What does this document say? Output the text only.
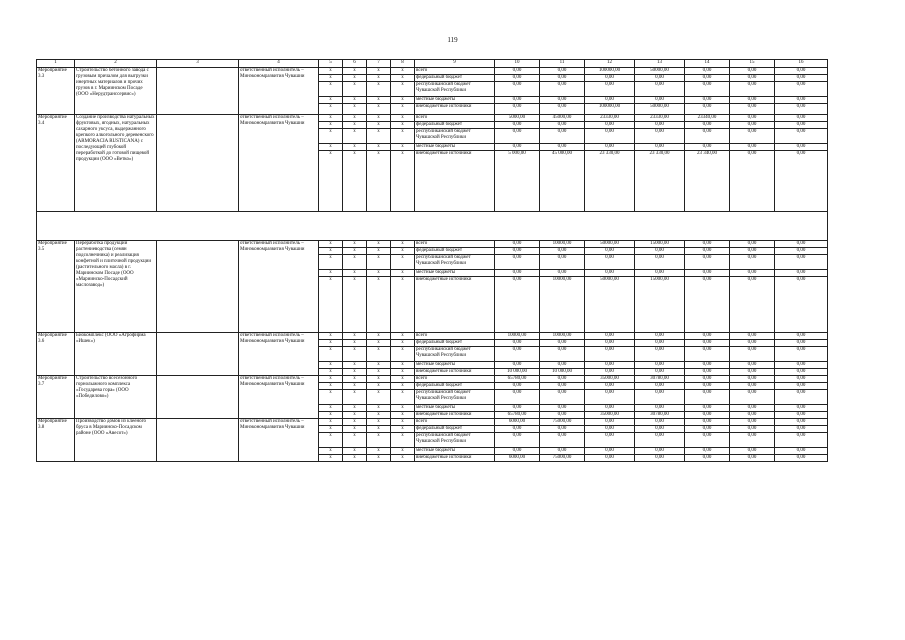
119
1	2	3	4	5	6	7	8	9	10	11	12	13	14	15	16
Мероприятие 3.3	Строительство бетонного завода с грузовым причалом для выгрузки инертных материалов и прочих грузов в г. Мариинском Посаде (ООО «Нерудтранссервис»)		ответственный исполнитель – Минэкономразвития Чувашии	x	x	x	x	всего	0,00	0,00	100000,00	50000,00	0,00	0,00	0,00
				x	x	x	x	федеральный бюджет	0,00	0,00	0,00	0,00	0,00	0,00	0,00
				x	x	x	x	республиканский бюджет Чувашской Республики	0,00	0,00	0,00	0,00	0,00	0,00	0,00
				x	x	x	x	местные бюджеты	0,00	0,00	0,00	0,00	0,00	0,00	0,00
				x	x	x	x	внебюджетные источники	0,00	0,00	100000,00	50000,00	0,00	0,00	0,00
Мероприятие 3.4	Создание производства натуральных фруктовых, ягодных, натуральных сахарного уксуса, выдержанного крепкого алкогольного деревенского (ARMORACIA RUSTICANA) с последующей глубокой переработкой до готовой пищевой продукции (ООО «Ветко»)		ответственный исполнитель – Минэкономразвития Чувашии	x	x	x	x	всего	5000,00	45000,00	23330,00	23330,00	23340,00	0,00	0,00
				x	x	x	x	федеральный бюджет	0,00	0,00	0,00	0,00	0,00	0,00	0,00
				x	x	x	x	республиканский бюджет Чувашской Республики	0,00	0,00	0,00	0,00	0,00	0,00	0,00
				x	x	x	x	местные бюджеты	0,00	0,00	0,00	0,00	0,00	0,00	0,00
				x	x	x	x	внебюджетные источники	5 000,00	45 000,00	23 330,00	23 330,00	23 340,00	0,00	0,00

Мероприятие 3.5	Переработка продукции растениеводства (семян подсолнечника) и реализация конфетной и плиточной продукции (растительного масла) в г. Мариинском Посаде (ООО «Мариинско-Посадский маслозавод»)		ответственный исполнитель – Минэкономразвития Чувашии	x	x	x	x	всего	0,00	10000,00	50000,00	15000,00	0,00	0,00	0,00
				x	x	x	x	федеральный бюджет	0,00	0,00	0,00	0,00	0,00	0,00	0,00
				x	x	x	x	республиканский бюджет Чувашской Республики	0,00	0,00	0,00	0,00	0,00	0,00	0,00
				x	x	x	x	местные бюджеты	0,00	0,00	0,00	0,00	0,00	0,00	0,00
				x	x	x	x	внебюджетные источники	0,00	10000,00	50000,00	15000,00	0,00	0,00	0,00
Мероприятие 3.6	Биокомплекс (ООО «Агрофирма «Ишек»)		ответственный исполнитель – Минэкономразвития Чувашии	x	x	x	x	всего	10000,00	10000,00	0,00	0,00	0,00	0,00	0,00
				x	x	x	x	федеральный бюджет	0,00	0,00	0,00	0,00	0,00	0,00	0,00
				x	x	x	x	республиканский бюджет Чувашской Республики	0,00	0,00	0,00	0,00	0,00	0,00	0,00
				x	x	x	x	местные бюджеты	0,00	0,00	0,00	0,00	0,00	0,00	0,00
				x	x	x	x	внебюджетные источники	10 000,00	10 000,00	0,00	0,00	0,00	0,00	0,00
Мероприятие 3.7	Строительство всесезонного горнолыжного комплекса «Государева гора» (ООО «Победилово»)		ответственный исполнитель – Минэкономразвития Чувашии	x	x	x	x	всего	65780,00	0,00	35000,00	30780,00	0,00	0,00	0,00
				x	x	x	x	федеральный бюджет	0,00	0,00	0,00	0,00	0,00	0,00	0,00
				x	x	x	x	республиканский бюджет Чувашской Республики	0,00	0,00	0,00	0,00	0,00	0,00	0,00
				x	x	x	x	местные бюджеты	0,00	0,00	0,00	0,00	0,00	0,00	0,00
				x	x	x	x	внебюджетные источники	65780,00	0,00	35000,00	30780,00	0,00	0,00	0,00
Мероприятие 3.8	Производство домов из клееного бруса в Мариинско-Посадском районе (ООО «Авесот»)		ответственный исполнитель – Минэкономразвития Чувашии	x	x	x	x	всего	6000,00	75000,00	0,00	0,00	0,00	0,00	0,00
				x	x	x	x	федеральный бюджет	0,00	0,00	0,00	0,00	0,00	0,00	0,00
				x	x	x	x	республиканский бюджет Чувашской Республики	0,00	0,00	0,00	0,00	0,00	0,00	0,00
				x	x	x	x	местные бюджеты	0,00	0,00	0,00	0,00	0,00	0,00	0,00
				x	x	x	x	внебюджетные источники	6000,00	75000,00	0,00	0,00	0,00	0,00	0,00
